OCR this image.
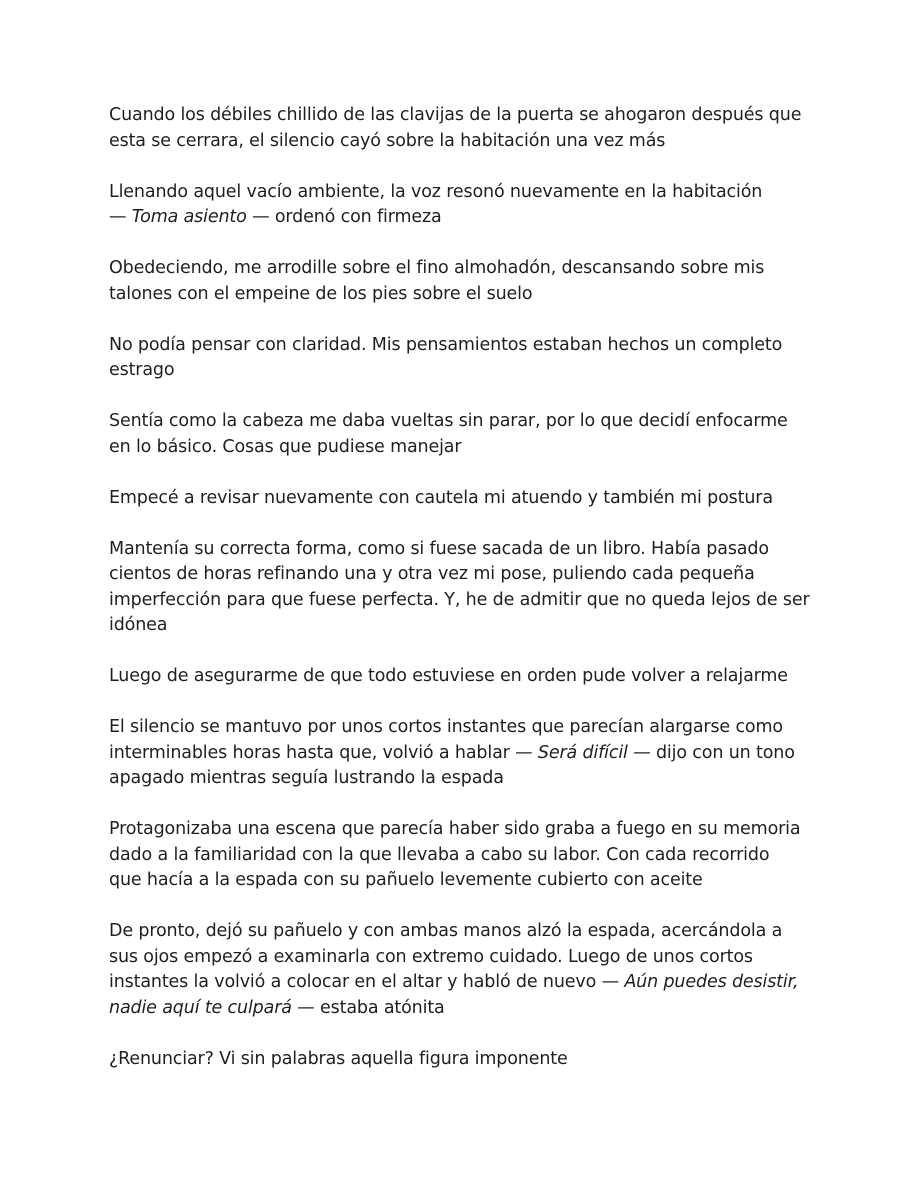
Cuando los débiles chillido de las clavijas de la puerta se ahogaron después que
esta se cerrara, el silencio cayó sobre la habitación una vez más

Llenando aquel vacío ambiente, la voz resonó nuevamente en la habitación
— Toma asiento — ordenó con firmeza

Obedeciendo, me arrodille sobre el fino almohadón, descansando sobre mis
talones con el empeine de los pies sobre el suelo

No podía pensar con claridad. Mis pensamientos estaban hechos un completo
estrago

Sentía como la cabeza me daba vueltas sin parar, por lo que decidí enfocarme
en lo básico. Cosas que pudiese manejar

Empecé a revisar nuevamente con cautela mi atuendo y también mi postura

Mantenía su correcta forma, como si fuese sacada de un libro. Había pasado
cientos de horas refinando una y otra vez mi pose, puliendo cada pequeña
imperfección para que fuese perfecta. Y, he de admitir que no queda lejos de ser
idónea

Luego de asegurarme de que todo estuviese en orden pude volver a relajarme

El silencio se mantuvo por unos cortos instantes que parecían alargarse como
interminables horas hasta que, volvió a hablar — Será difícil — dijo con un tono
apagado mientras seguía lustrando la espada

Protagonizaba una escena que parecía haber sido graba a fuego en su memoria
dado a la familiaridad con la que llevaba a cabo su labor. Con cada recorrido
que hacía a la espada con su pañuelo levemente cubierto con aceite

De pronto, dejó su pañuelo y con ambas manos alzó la espada, acercándola a
sus ojos empezó a examinarla con extremo cuidado. Luego de unos cortos
instantes la volvió a colocar en el altar y habló de nuevo — Aún puedes desistir,
nadie aquí te culpará — estaba atónita

¿Renunciar? Vi sin palabras aquella figura imponente
